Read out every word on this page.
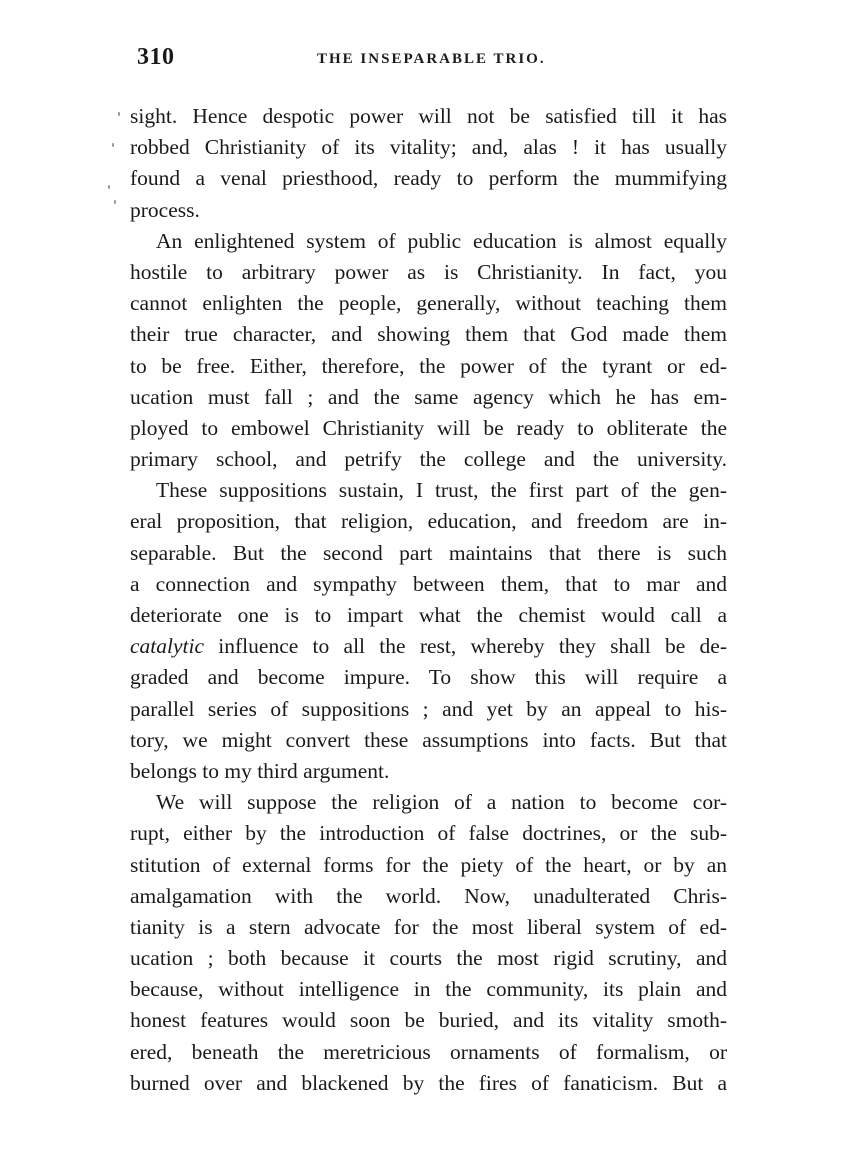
310	THE INSEPARABLE TRIO.
sight. Hence despotic power will not be satisfied till it has
robbed Christianity of its vitality; and, alas ! it has usually
found a venal priesthood, ready to perform the mummifying
process.
An enlightened system of public education is almost equally
hostile to arbitrary power as is Christianity. In fact, you
cannot enlighten the people, generally, without teaching them
their true character, and showing them that God made them
to be free. Either, therefore, the power of the tyrant or ed-
ucation must fall ; and the same agency which he has em-
ployed to embowel Christianity will be ready to obliterate the
primary school, and petrify the college and the university.
These suppositions sustain, I trust, the first part of the gen-
eral proposition, that religion, education, and freedom are in-
separable. But the second part maintains that there is such
a connection and sympathy between them, that to mar and
deteriorate one is to impart what the chemist would call a
catalytic influence to all the rest, whereby they shall be de-
graded and become impure. To show this will require a
parallel series of suppositions ; and yet by an appeal to his-
tory, we might convert these assumptions into facts. But that
belongs to my third argument.
We will suppose the religion of a nation to become cor-
rupt, either by the introduction of false doctrines, or the sub-
stitution of external forms for the piety of the heart, or by an
amalgamation with the world. Now, unadulterated Chris-
tianity is a stern advocate for the most liberal system of ed-
ucation ; both because it courts the most rigid scrutiny, and
because, without intelligence in the community, its plain and
honest features would soon be buried, and its vitality smoth-
ered, beneath the meretricious ornaments of formalism, or
burned over and blackened by the fires of fanaticism. But a
